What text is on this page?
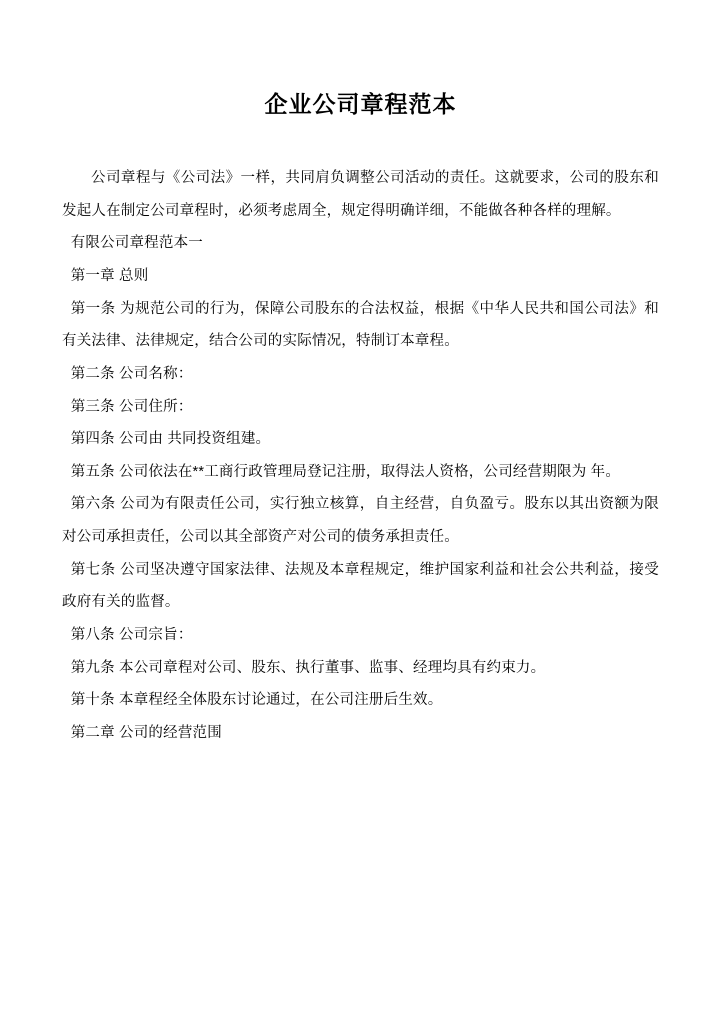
企业公司章程范本

公司章程与《公司法》一样，共同肩负调整公司活动的责任。这就要求，公司的股东和发起人在制定公司章程时，必须考虑周全，规定得明确详细，不能做各种各样的理解。

有限公司章程范本一

第一章 总则

第一条 为规范公司的行为，保障公司股东的合法权益，根据《中华人民共和国公司法》和有关法律、法律规定，结合公司的实际情况，特制订本章程。

第二条 公司名称：

第三条 公司住所：

第四条 公司由 共同投资组建。

第五条 公司依法在**工商行政管理局登记注册，取得法人资格，公司经营期限为 年。

第六条 公司为有限责任公司，实行独立核算，自主经营，自负盈亏。股东以其出资额为限对公司承担责任，公司以其全部资产对公司的债务承担责任。

第七条 公司坚决遵守国家法律、法规及本章程规定，维护国家利益和社会公共利益，接受政府有关的监督。

第八条 公司宗旨：

第九条 本公司章程对公司、股东、执行董事、监事、经理均具有约束力。

第十条 本章程经全体股东讨论通过，在公司注册后生效。

第二章 公司的经营范围
